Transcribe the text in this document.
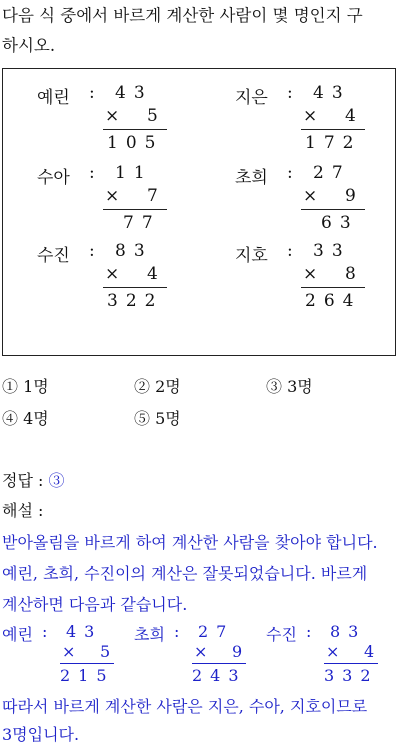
다음 식 중에서 바르게 계산한 사람이 몇 명인지 구
하시오.
예린 : 43
× 5
105
지은 : 43
× 4
172
수아 : 11
× 7
77
초희 : 27
× 9
63
수진 : 83
× 4
322
지호 : 33
× 8
264
① 1명	② 2명	③ 3명
④ 4명	⑤ 5명
정답 : ③
해설 :
받아올림을 바르게 하여 계산한 사람을 찾아야 합니다.
예린, 초희, 수진이의 계산은 잘못되었습니다. 바르게
계산하면 다음과 같습니다.
예린 : 43
× 5
215
초희 : 27
× 9
243
수진 : 83
× 4
332
따라서 바르게 계산한 사람은 지은, 수아, 지호이므로
3명입니다.
